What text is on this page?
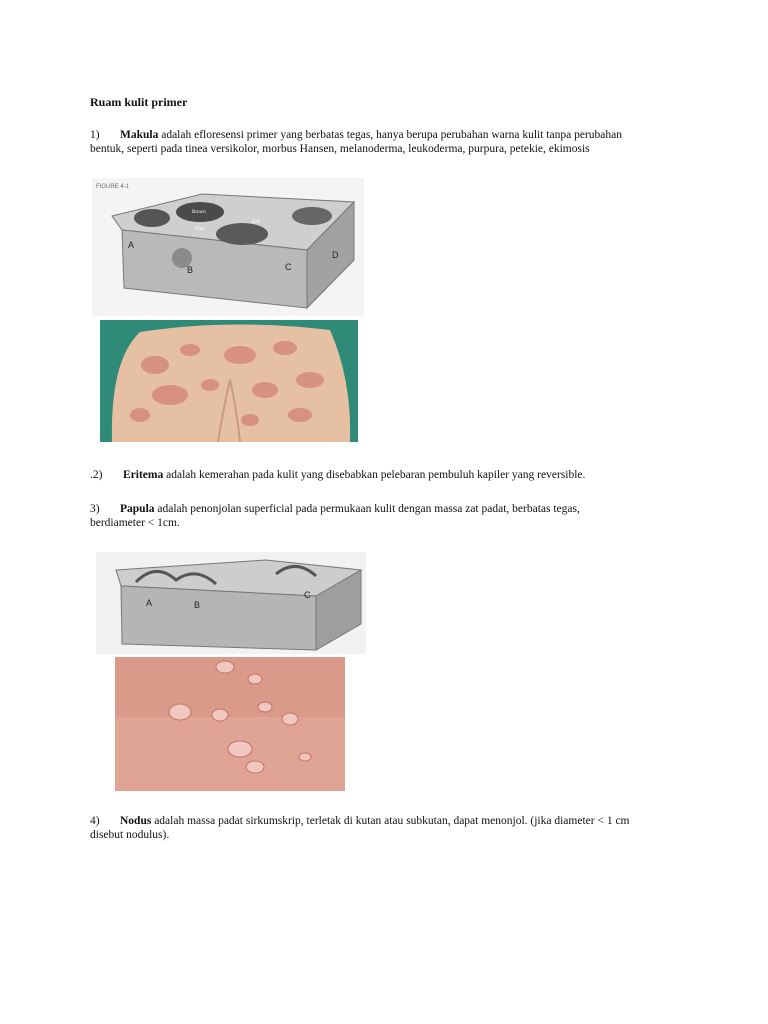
Ruam kulit primer
1) Makula adalah efloresensi primer yang berbatas tegas, hanya berupa perubahan warna kulit tanpa perubahan
bentuk, seperti pada tinea versikolor, morbus Hansen, melanoderma, leukoderma, purpura, petekie, ekimosis
FIGURE 4-1
Brown
Red
Blue
A
B	C
D
.2) Eritema adalah kemerahan pada kulit yang disebabkan pelebaran pembuluh kapiler yang reversible.
3) Papula adalah penonjolan superficial pada permukaan kulit dengan massa zat padat, berbatas tegas,
berdiameter < 1cm.
A	B
C
4) Nodus adalah massa padat sirkumskrip, terletak di kutan atau subkutan, dapat menonjol. (jika diameter < 1 cm
disebut nodulus).
